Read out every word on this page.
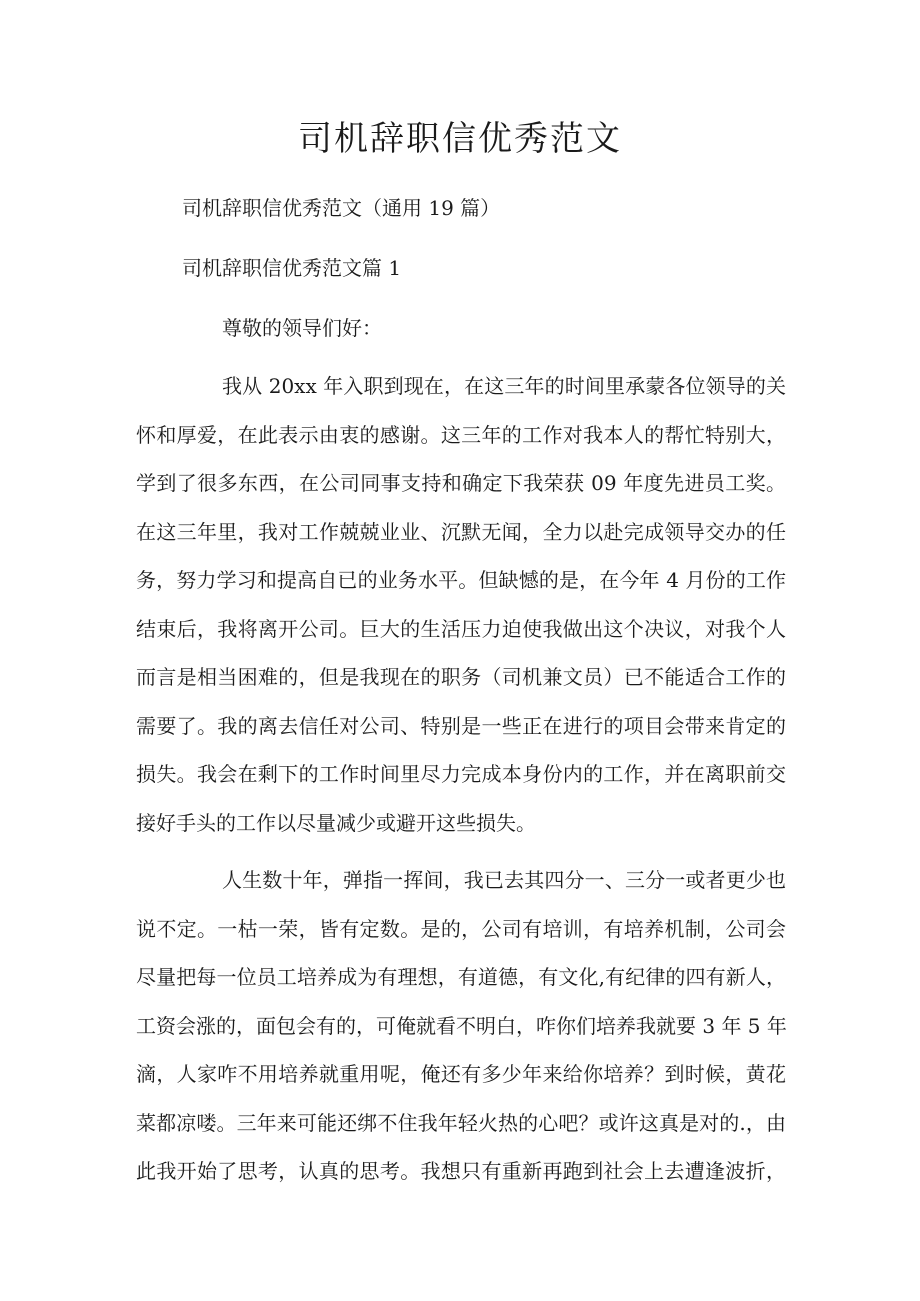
司机辞职信优秀范文
司机辞职信优秀范文（通用 19 篇）
司机辞职信优秀范文篇 1
尊敬的领导们好：
我从 20xx 年入职到现在，在这三年的时间里承蒙各位领导的关
怀和厚爱，在此表示由衷的感谢。这三年的工作对我本人的帮忙特别大，
学到了很多东西，在公司同事支持和确定下我荣获 09 年度先进员工奖。
在这三年里，我对工作兢兢业业、沉默无闻，全力以赴完成领导交办的任
务，努力学习和提高自已的业务水平。但缺憾的是，在今年 4 月份的工作
结束后，我将离开公司。巨大的生活压力迫使我做出这个决议，对我个人
而言是相当困难的，但是我现在的职务（司机兼文员）已不能适合工作的
需要了。我的离去信任对公司、特别是一些正在进行的项目会带来肯定的
损失。我会在剩下的工作时间里尽力完成本身份内的工作，并在离职前交
接好手头的工作以尽量减少或避开这些损失。
人生数十年，弹指一挥间，我已去其四分一、三分一或者更少也
说不定。一枯一荣，皆有定数。是的，公司有培训，有培养机制，公司会
尽量把每一位员工培养成为有理想，有道德，有文化,有纪律的四有新人，
工资会涨的，面包会有的，可俺就看不明白，咋你们培养我就要 3 年 5 年
滴，人家咋不用培养就重用呢，俺还有多少年来给你培养？到时候，黄花
菜都凉喽。三年来可能还绑不住我年轻火热的心吧？或许这真是对的.，由
此我开始了思考，认真的思考。我想只有重新再跑到社会上去遭逢波折，
